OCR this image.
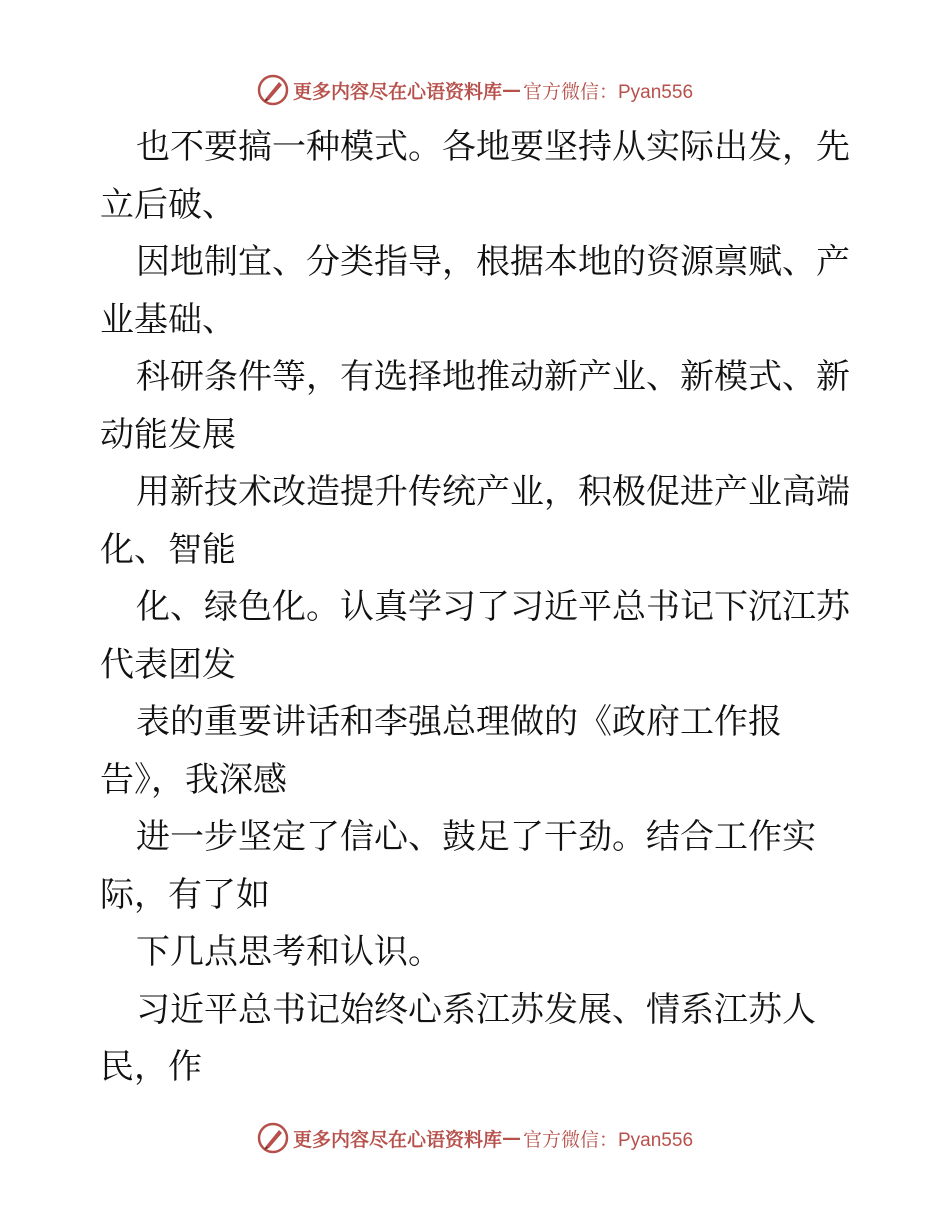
更多内容尽在心语资料库 — 官方微信：Pyan556
也不要搞一种模式。各地要坚持从实际出发，先
立后破、
因地制宜、分类指导，根据本地的资源禀赋、产
业基础、
科研条件等，有选择地推动新产业、新模式、新
动能发展
用新技术改造提升传统产业，积极促进产业高端
化、智能
化、绿色化。认真学习了习近平总书记下沉江苏
代表团发
表的重要讲话和李强总理做的《政府工作报
告》，我深感
进一步坚定了信心、鼓足了干劲。结合工作实
际，有了如
下几点思考和认识。
习近平总书记始终心系江苏发展、情系江苏人
民，作
更多内容尽在心语资料库 — 官方微信：Pyan556
